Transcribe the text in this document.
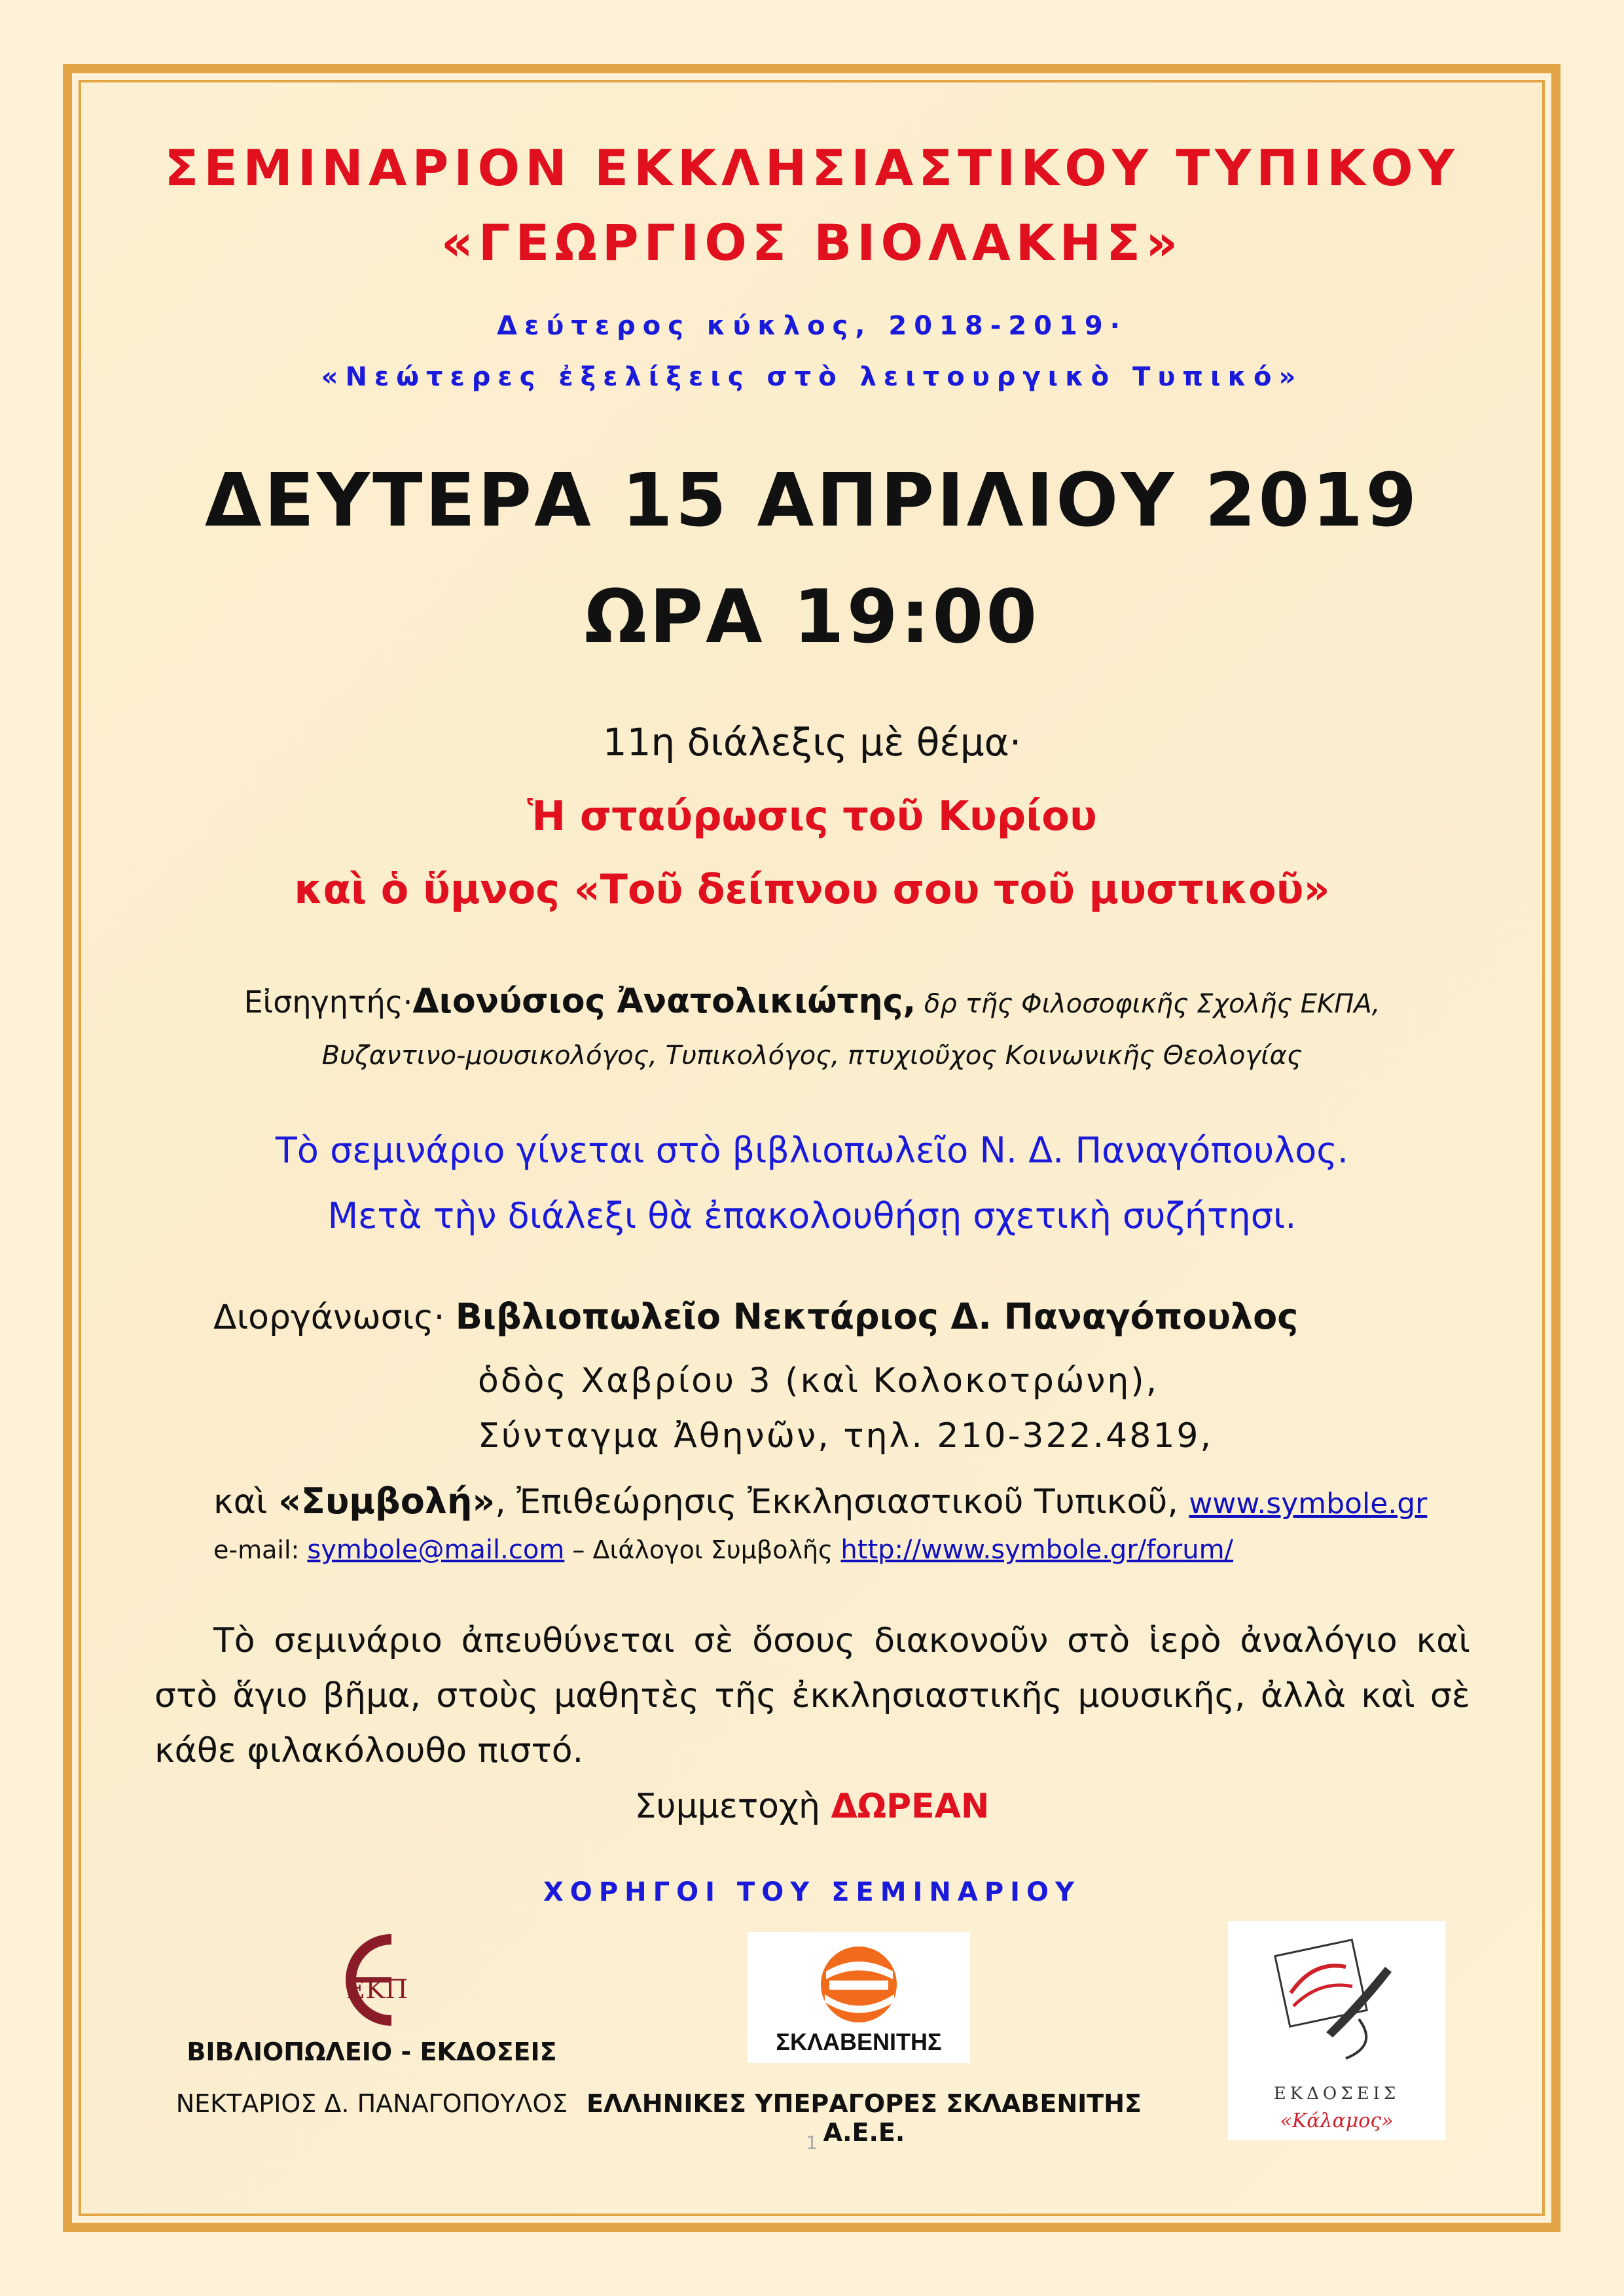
ΣΕΜΙΝΑΡΙΟΝ ΕΚΚΛΗΣΙΑΣΤΙΚΟΥ ΤΥΠΙΚΟΥ

«ΓΕΩΡΓΙΟΣ ΒΙΟΛΑΚΗΣ»

Δεύτερος κύκλος, 2018-2019·

«Νεώτερες ἐξελίξεις στὸ λειτουργικὸ Τυπικό»

ΔΕΥΤΕΡΑ 15 ΑΠΡΙΛΙΟΥ 2019

ΩΡΑ 19:00

11η διάλεξις μὲ θέμα·

Ἡ σταύρωσις τοῦ Κυρίου

καὶ ὁ ὕμνος «Τοῦ δείπνου σου τοῦ μυστικοῦ»

Εἰσηγητής·Διονύσιος Ἀνατολικιώτης, δρ τῆς Φιλοσοφικῆς Σχολῆς ΕΚΠΑ,

Βυζαντινο-μουσικολόγος, Τυπικολόγος, πτυχιοῦχος Κοινωνικῆς Θεολογίας

Τὸ σεμινάριο γίνεται στὸ βιβλιοπωλεῖο Ν. Δ. Παναγόπουλος.

Μετὰ τὴν διάλεξι θὰ ἐπακολουθήσῃ σχετικὴ συζήτησι.

Διοργάνωσις· Βιβλιοπωλεῖο Νεκτάριος Δ. Παναγόπουλος

ὁδὸς Χαβρίου 3 (καὶ Κολοκοτρώνη),

Σύνταγμα Ἀθηνῶν, τηλ. 210-322.4819,

καὶ «Συμβολή», Ἐπιθεώρησις Ἐκκλησιαστικοῦ Τυπικοῦ, www.symbole.gr

e-mail: symbole@mail.com – Διάλογοι Συμβολῆς http://www.symbole.gr/forum/

Τὸ σεμινάριο ἀπευθύνεται σὲ ὅσους διακονοῦν στὸ ἱερὸ ἀναλόγιο καὶ στὸ ἅγιο βῆμα, στοὺς μαθητὲς τῆς ἐκκλησιαστικῆς μουσικῆς, ἀλλὰ καὶ σὲ κάθε φιλακόλουθο πιστό.

Συμμετοχὴ ΔΩΡΕΑΝ

ΧΟΡΗΓΟΙ ΤΟΥ ΣΕΜΙΝΑΡΙΟΥ

ΕΚΠ
ΣΚΛΑΒΕΝΙΤΗΣ
ΕΚΔΟΣΕΙΣ
«Κάλαμος»

ΒΙΒΛΙΟΠΩΛΕΙΟ - ΕΚΔΟΣΕΙΣ

ΝΕΚΤΑΡΙΟΣ Δ. ΠΑΝΑΓΟΠΟΥΛΟΣ ΕΛΛΗΝΙΚΕΣ ΥΠΕΡΑΓΟΡΕΣ ΣΚΛΑΒΕΝΙΤΗΣ Α.Ε.Ε.

1
